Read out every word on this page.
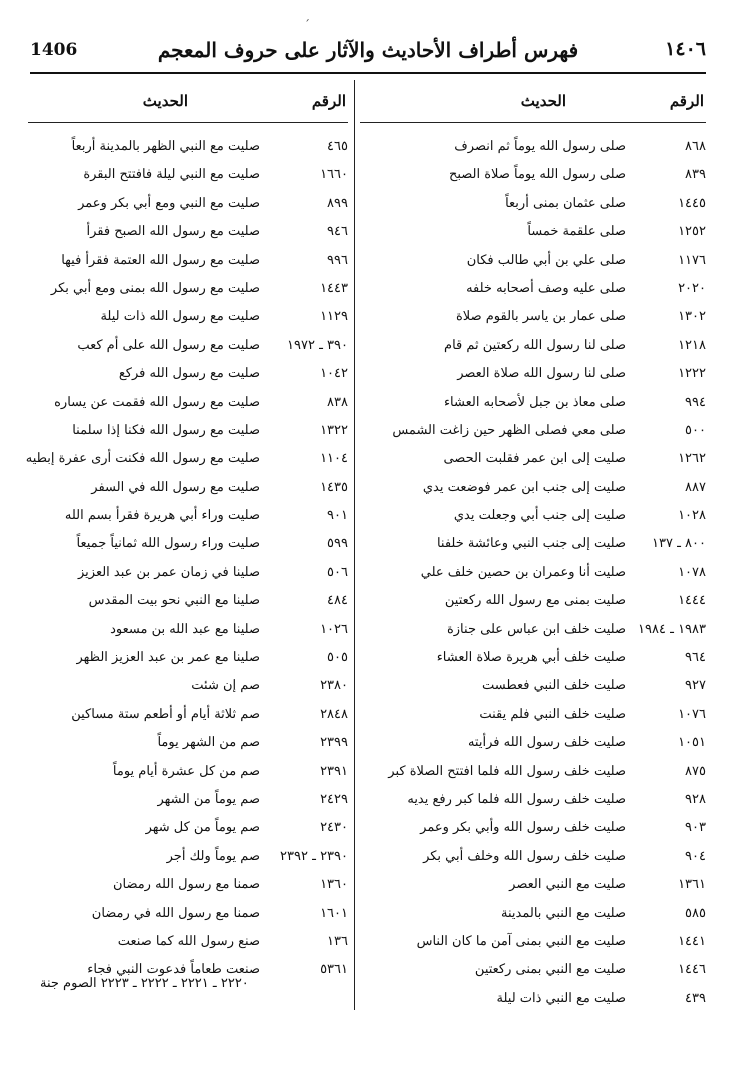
´
1406	فهرس أطراف الأحاديث والآثار على حروف المعجم	١٤٠٦
الرقم
الحديث
٨٦٨
صلى رسول الله يوماً ثم انصرف
٨٣٩
صلى رسول الله يوماً صلاة الصبح
١٤٤٥
صلى عثمان بمنى أربعاً
١٢٥٢
صلى علقمة خمساً
١١٧٦
صلى علي بن أبي طالب فكان
٢٠٢٠
صلى عليه وصف أصحابه خلفه
١٣٠٢
صلى عمار بن ياسر بالقوم صلاة
١٢١٨
صلى لنا رسول الله ركعتين ثم قام
١٢٢٢
صلى لنا رسول الله صلاة العصر
٩٩٤
صلى معاذ بن جبل لأصحابه العشاء
٥٠٠
صلى معي فصلى الظهر حين زاغت الشمس
١٢٦٢
صليت إلى ابن عمر فقلبت الحصى
٨٨٧
صليت إلى جنب ابن عمر فوضعت يدي
١٠٢٨
صليت إلى جنب أبي وجعلت يدي
٨٠٠ ـ ١٣٧
صليت إلى جنب النبي وعائشة خلفنا
١٠٧٨
صليت أنا وعمران بن حصين خلف علي
١٤٤٤
صليت بمنى مع رسول الله ركعتين
١٩٨٣ ـ ١٩٨٤
صليت خلف ابن عباس على جنازة
٩٦٤
صليت خلف أبي هريرة صلاة العشاء
٩٢٧
صليت خلف النبي فعطست
١٠٧٦
صليت خلف النبي فلم يقنت
١٠٥١
صليت خلف رسول الله فرأيته
٨٧٥
صليت خلف رسول الله فلما افتتح الصلاة كبر
٩٢٨
صليت خلف رسول الله فلما كبر رفع يديه
٩٠٣
صليت خلف رسول الله وأبي بكر وعمر
٩٠٤
صليت خلف رسول الله وخلف أبي بكر
١٣٦١
صليت مع النبي العصر
٥٨٥
صليت مع النبي بالمدينة
١٤٤١
صليت مع النبي بمنى آمن ما كان الناس
١٤٤٦
صليت مع النبي بمنى ركعتين
٤٣٩
صليت مع النبي ذات ليلة
الرقم
الحديث
٤٦٥
صليت مع النبي الظهر بالمدينة أربعاً
١٦٦٠
صليت مع النبي ليلة فافتتح البقرة
٨٩٩
صليت مع النبي ومع أبي بكر وعمر
٩٤٦
صليت مع رسول الله الصبح فقرأ
٩٩٦
صليت مع رسول الله العتمة فقرأ فيها
١٤٤٣
صليت مع رسول الله بمنى ومع أبي بكر
١١٢٩
صليت مع رسول الله ذات ليلة
٣٩٠ ـ ١٩٧٢
صليت مع رسول الله على أم كعب
١٠٤٢
صليت مع رسول الله فركع
٨٣٨
صليت مع رسول الله فقمت عن يساره
١٣٢٢
صليت مع رسول الله فكنا إذا سلمنا
١١٠٤
صليت مع رسول الله فكنت أرى عفرة إبطيه
١٤٣٥
صليت مع رسول الله في السفر
٩٠١
صليت وراء أبي هريرة فقرأ بسم الله
٥٩٩
صليت وراء رسول الله ثمانياً جميعاً
٥٠٦
صلينا في زمان عمر بن عبد العزيز
٤٨٤
صلينا مع النبي نحو بيت المقدس
١٠٢٦
صلينا مع عبد الله بن مسعود
٥٠٥
صلينا مع عمر بن عبد العزيز الظهر
٢٣٨٠
صم إن شئت
٢٨٤٨
صم ثلاثة أيام أو أطعم ستة مساكين
٢٣٩٩
صم من الشهر يوماً
٢٣٩١
صم من كل عشرة أيام يوماً
٢٤٢٩
صم يوماً من الشهر
٢٤٣٠
صم يوماً من كل شهر
٢٣٩٠ ـ ٢٣٩٢
صم يوماً ولك أجر
١٣٦٠
صمنا مع رسول الله رمضان
١٦٠١
صمنا مع رسول الله في رمضان
١٣٦
صنع رسول الله كما صنعت
٥٣٦١
صنعت طعاماً فدعوت النبي فجاء
٢٢٢٠ ـ ٢٢٢١ ـ ٢٢٢٢ ـ ٢٢٢٣ الصوم جنة
